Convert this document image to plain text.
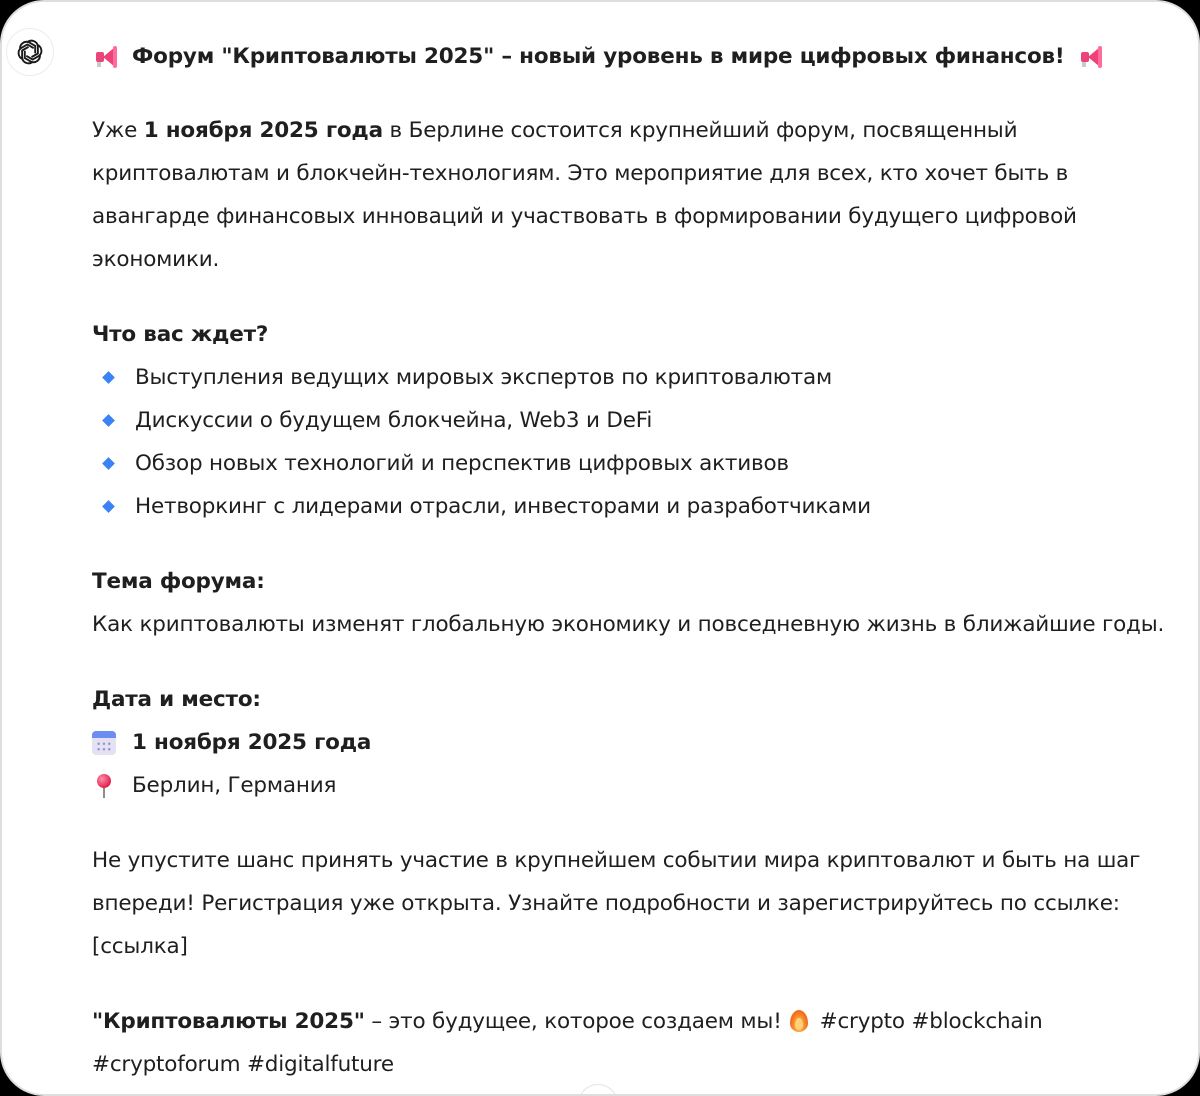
Форум "Криптовалюты 2025" – новый уровень в мире цифровых финансов!

Уже 1 ноября 2025 года в Берлине состоится крупнейший форум, посвященный криптовалютам и блокчейн-технологиям. Это мероприятие для всех, кто хочет быть в авангарде финансовых инноваций и участвовать в формировании будущего цифровой экономики.

Что вас ждет?

Выступления ведущих мировых экспертов по криптовалютам
Дискуссии о будущем блокчейна, Web3 и DeFi
Обзор новых технологий и перспектив цифровых активов
Нетворкинг с лидерами отрасли, инвесторами и разработчиками

Тема форума:

Как криптовалюты изменят глобальную экономику и повседневную жизнь в ближайшие годы.

Дата и место:

1 ноября 2025 года
Берлин, Германия

Не упустите шанс принять участие в крупнейшем событии мира криптовалют и быть на шаг впереди! Регистрация уже открыта. Узнайте подробности и зарегистрируйтесь по ссылке: [ссылка]

"Криптовалюты 2025" – это будущее, которое создаем мы! #crypto #blockchain
#cryptoforum #digitalfuture
